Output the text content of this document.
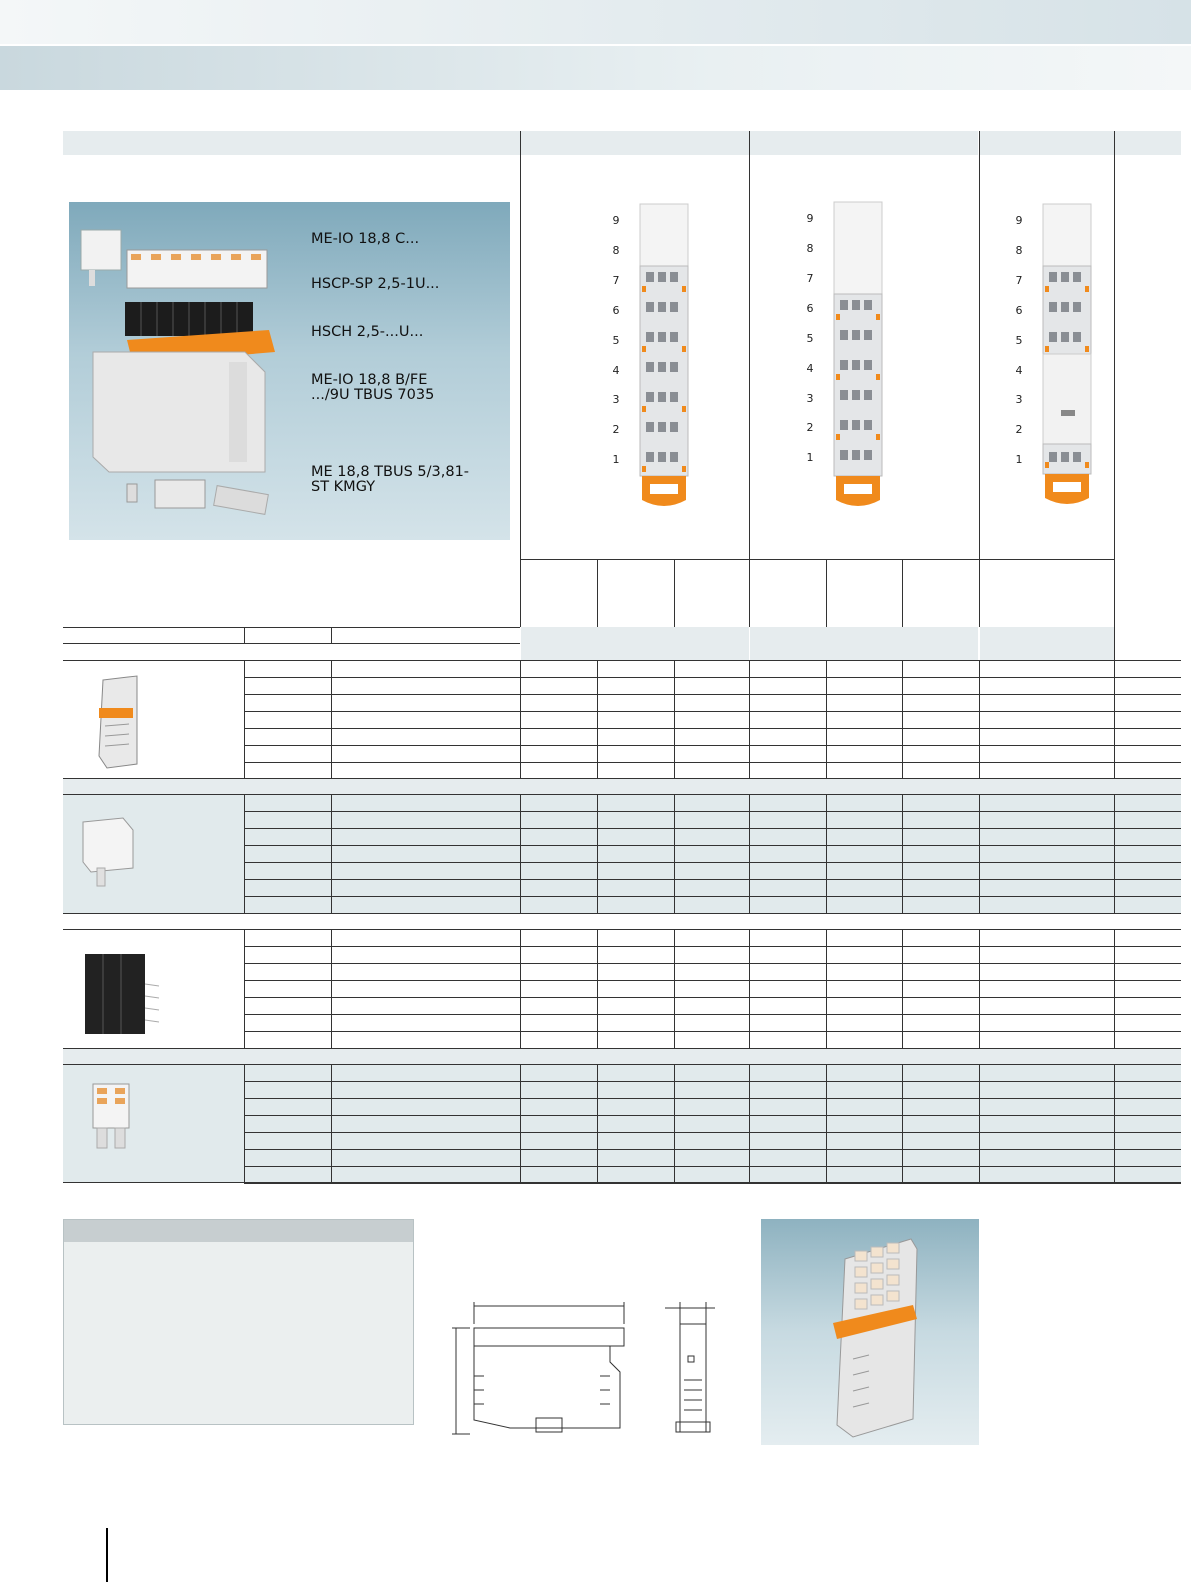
ME-IO 18,8 C...
HSCP-SP 2,5-1U...
HSCH 2,5-...U...
ME-IO 18,8 B/FE
.../9U TBUS 7035
ME 18,8 TBUS 5/3,81-
ST KMGY
9
8
7
6
5
4
3
2
1
9
8
7
6
5
4
3
2
1
9
8
7
6
5
4
3
2
1
